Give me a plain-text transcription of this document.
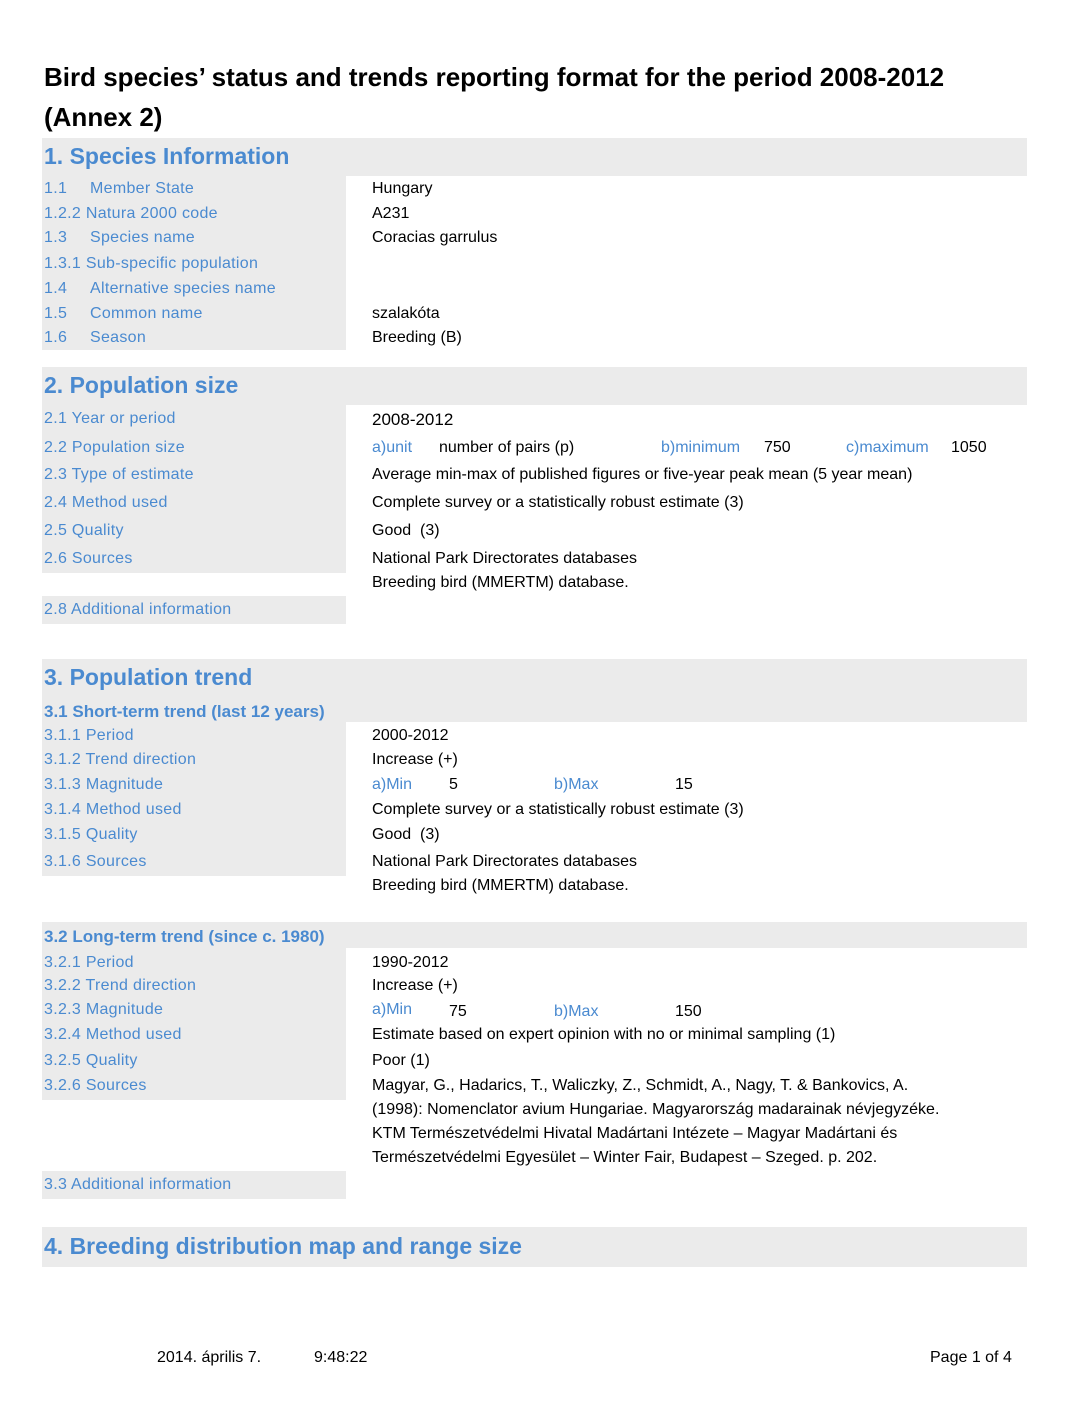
Bird species’ status and trends reporting format for the period 2008-2012
(Annex 2)
1. Species Information
1.1 Member State	Hungary
1.2.2 Natura 2000 code	A231
1.3 Species name	Coracias garrulus
1.3.1 Sub-specific population
1.4 Alternative species name
1.5 Common name	szalakóta
1.6 Season	Breeding (B)
2. Population size
2.1 Year or period	2008-2012
2.2 Population size	a)unit number of pairs (p)	b)minimum 750	c)maximum 1050
2.3 Type of estimate	Average min-max of published figures or five-year peak mean (5 year mean)
2.4 Method used	Complete survey or a statistically robust estimate (3)
2.5 Quality	Good  (3)
2.6 Sources	National Park Directorates databases
Breeding bird (MMERTM) database.
2.8 Additional information
3. Population trend
3.1 Short-term trend (last 12 years)
3.1.1 Period	2000-2012
3.1.2 Trend direction	Increase (+)
3.1.3 Magnitude	a)Min 5	b)Max	15
3.1.4 Method used	Complete survey or a statistically robust estimate (3)
3.1.5 Quality	Good  (3)
3.1.6 Sources	National Park Directorates databases
Breeding bird (MMERTM) database.
3.2 Long-term trend (since c. 1980)
3.2.1 Period	1990-2012
3.2.2 Trend direction	Increase (+)
3.2.3 Magnitude	a)Min 75	b)Max	150
3.2.4 Method used	Estimate based on expert opinion with no or minimal sampling (1)
3.2.5 Quality	Poor (1)
3.2.6 Sources	Magyar, G., Hadarics, T., Waliczky, Z., Schmidt, A., Nagy, T. & Bankovics, A.
(1998): Nomenclator avium Hungariae. Magyarország madarainak névjegyzéke.
KTM Természetvédelmi Hivatal Madártani Intézete – Magyar Madártani és
Természetvédelmi Egyesület – Winter Fair, Budapest – Szeged. p. 202.
3.3 Additional information
4. Breeding distribution map and range size
2014. április 7.	9:48:22	Page 1 of 4
